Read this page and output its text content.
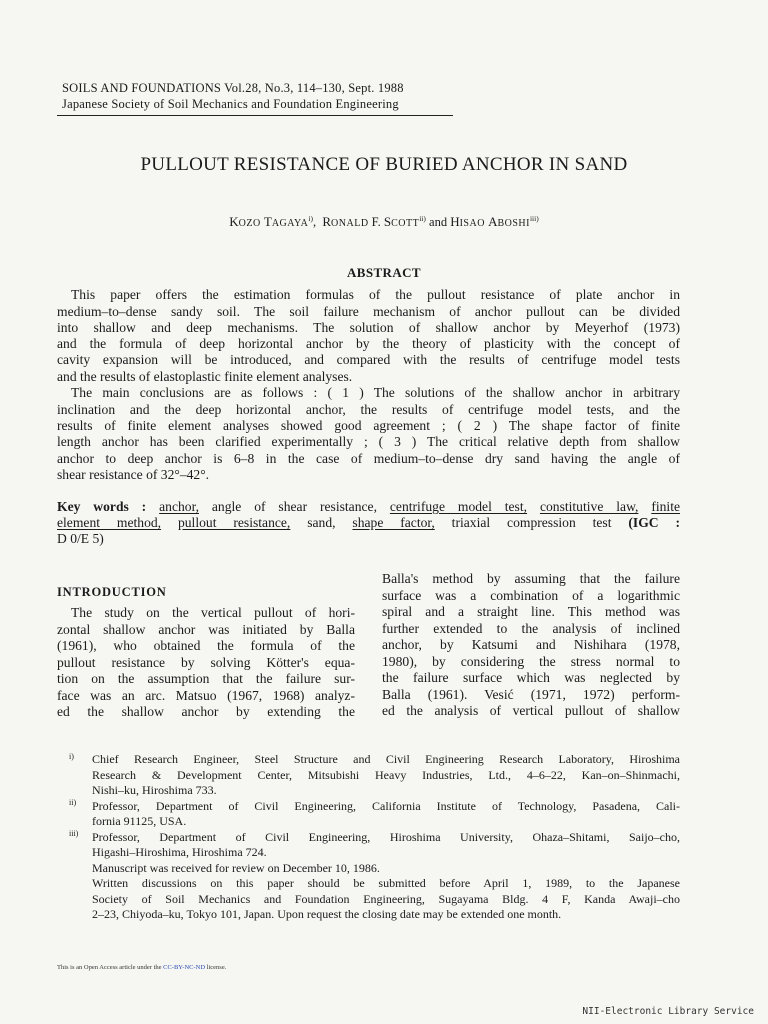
SOILS AND FOUNDATIONS Vol.28, No.3, 114–130, Sept. 1988
Japanese Society of Soil Mechanics and Foundation Engineering
PULLOUT RESISTANCE OF BURIED ANCHOR IN SAND
KOZO TAGAYA$^{i)}$, RONALD F. SCOTT$^{ii)}$ and HISAO ABOSHI$^{iii)}$
ABSTRACT
This paper offers the estimation formulas of the pullout resistance of plate anchor in
medium–to–dense sandy soil. The soil failure mechanism of anchor pullout can be divided
into shallow and deep mechanisms. The solution of shallow anchor by Meyerhof (1973)
and the formula of deep horizontal anchor by the theory of plasticity with the concept of
cavity expansion will be introduced, and compared with the results of centrifuge model tests
and the results of elastoplastic finite element analyses.
The main conclusions are as follows : ( 1 ) The solutions of the shallow anchor in arbitrary
inclination and the deep horizontal anchor, the results of centrifuge model tests, and the
results of finite element analyses showed good agreement ; ( 2 ) The shape factor of finite
length anchor has been clarified experimentally ; ( 3 ) The critical relative depth from shallow
anchor to deep anchor is 6–8 in the case of medium–to–dense dry sand having the angle of
shear resistance of 32°–42°.
Key words : anchor, angle of shear resistance, centrifuge model test, constitutive law, finite
element method, pullout resistance, sand, shape factor, triaxial compression test (IGC :
D 0/E 5)
INTRODUCTION
The study on the vertical pullout of hori-
zontal shallow anchor was initiated by Balla
(1961), who obtained the formula of the
pullout resistance by solving Kötter's equa-
tion on the assumption that the failure sur-
face was an arc. Matsuo (1967, 1968) analyz-
ed the shallow anchor by extending the
Balla's method by assuming that the failure
surface was a combination of a logarithmic
spiral and a straight line. This method was
further extended to the analysis of inclined
anchor, by Katsumi and Nishihara (1978,
1980), by considering the stress normal to
the failure surface which was neglected by
Balla (1961). Vesić (1971, 1972) perform-
ed the analysis of vertical pullout of shallow
i) Chief Research Engineer, Steel Structure and Civil Engineering Research Laboratory, Hiroshima
Research & Development Center, Mitsubishi Heavy Industries, Ltd., 4–6–22, Kan–on–Shinmachi,
Nishi–ku, Hiroshima 733.
ii) Professor, Department of Civil Engineering, California Institute of Technology, Pasadena, Cali-
fornia 91125, USA.
iii) Professor, Department of Civil Engineering, Hiroshima University, Ohaza–Shitami, Saijo–cho,
Higashi–Hiroshima, Hiroshima 724.
Manuscript was received for review on December 10, 1986.
Written discussions on this paper should be submitted before April 1, 1989, to the Japanese
Society of Soil Mechanics and Foundation Engineering, Sugayama Bldg. 4 F, Kanda Awaji–cho
2–23, Chiyoda–ku, Tokyo 101, Japan. Upon request the closing date may be extended one month.
This is an Open Access article under the CC-BY-NC-ND license.
NII-Electronic Library Service
